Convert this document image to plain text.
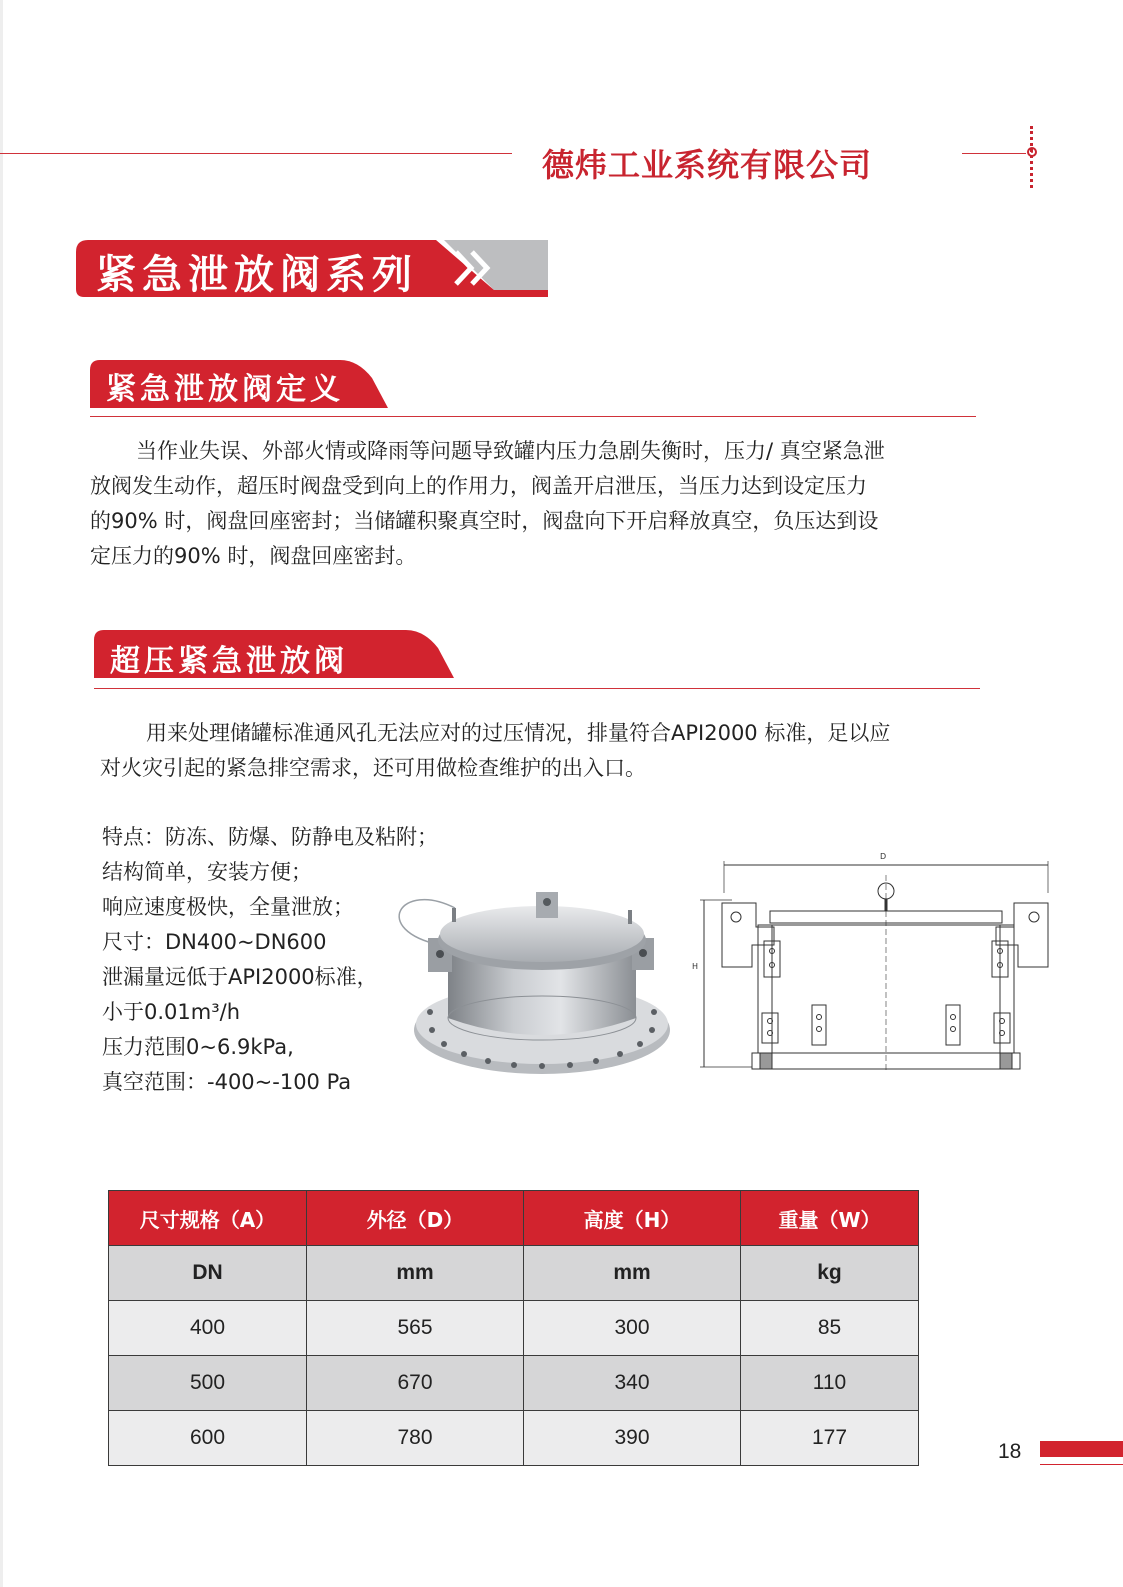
德炜工业系统有限公司
紧急泄放阀系列
紧急泄放阀定义

当作业失误、外部火情或降雨等问题导致罐内压力急剧失衡时，压力/ 真空紧急泄

放阀发生动作，超压时阀盘受到向上的作用力，阀盖开启泄压，当压力达到设定压力

的90% 时，阀盘回座密封；当储罐积聚真空时，阀盘向下开启释放真空，负压达到设

定压力的90% 时，阀盘回座密封。

超压紧急泄放阀

用来处理储罐标准通风孔无法应对的过压情况，排量符合API2000 标准，足以应

对火灾引起的紧急排空需求，还可用做检查维护的出入口。

特点：防冻、防爆、防静电及粘附；
结构简单，安装方便；
响应速度极快，全量泄放；
尺寸：DN400~DN600
泄漏量远低于API2000标准，
小于0.01m³/h
压力范围0~6.9kPa,
真空范围：-400~-100 Pa
D
H
尺寸规格（A）	外径（D）	高度（H）	重量（W）
DN	mm	mm	kg
400	565	300	85
500	670	340	110
600	780	390	177
18
